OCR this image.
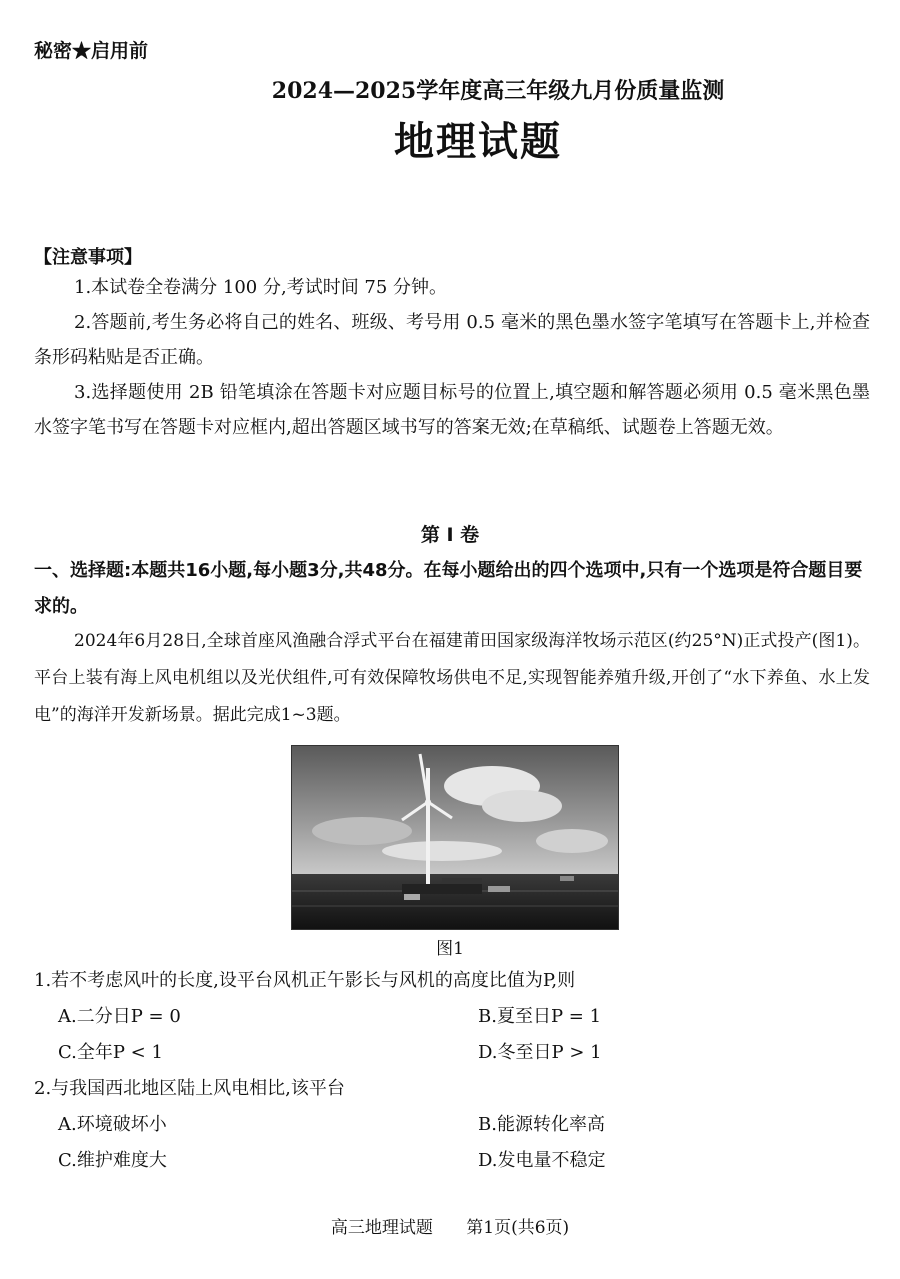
秘密★启用前
2024—2025学年度高三年级九月份质量监测
地理试题
【注意事项】
1.本试卷全卷满分 100 分,考试时间 75 分钟。
2.答题前,考生务必将自己的姓名、班级、考号用 0.5 毫米的黑色墨水签字笔填写在答题卡上,并检查条形码粘贴是否正确。
3.选择题使用 2B 铅笔填涂在答题卡对应题目标号的位置上,填空题和解答题必须用 0.5 毫米黑色墨水签字笔书写在答题卡对应框内,超出答题区域书写的答案无效;在草稿纸、试题卷上答题无效。
第 Ⅰ 卷
一、选择题:本题共16小题,每小题3分,共48分。在每小题给出的四个选项中,只有一个选项是符合题目要求的。
2024年6月28日,全球首座风渔融合浮式平台在福建莆田国家级海洋牧场示范区(约25°N)正式投产(图1)。平台上装有海上风电机组以及光伏组件,可有效保障牧场供电不足,实现智能养殖升级,开创了“水下养鱼、水上发电”的海洋开发新场景。据此完成1~3题。
图1
1.若不考虑风叶的长度,设平台风机正午影长与风机的高度比值为P,则
A.二分日P = 0	B.夏至日P = 1
C.全年P < 1	D.冬至日P > 1
2.与我国西北地区陆上风电相比,该平台
A.环境破坏小	B.能源转化率高
C.维护难度大	D.发电量不稳定
高三地理试题 第1页(共6页)
